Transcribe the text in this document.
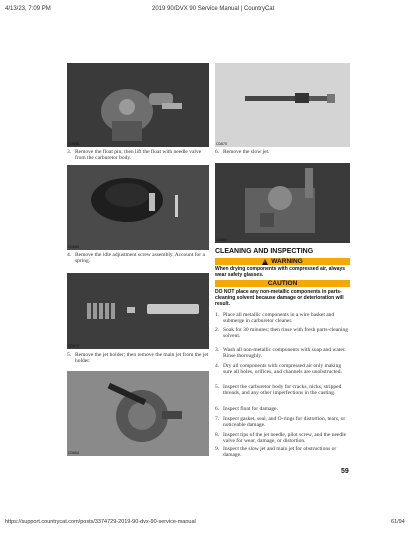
4/13/23, 7:09 PM	2019 90/DVX 90 Service Manual | CountryCat
CD688
3. Remove the float pin; then lift the float with needle valve from the carburetor body.
CD683
4. Remove the idle adjustment screw assembly. Account for a spring.
CD674
5. Remove the jet holder; then remove the main jet from the jet holder.
CD664
CD670
6. Remove the slow jet.
CD689
CLEANING AND INSPECTING
!
WARNING
When drying components with compressed air, always wear safety glasses.
CAUTION
DO NOT place any non-metallic components in parts-cleaning solvent because damage or deterioration will result.
1. Place all metallic components in a wire basket and submerge in carburetor cleaner.
2. Soak for 30 minutes; then rinse with fresh parts-cleaning solvent.
3. Wash all non-metallic components with soap and water. Rinse thoroughly.
4. Dry all components with compressed air only making sure all holes, orifices, and channels are unobstructed.
5. Inspect the carburetor body for cracks, nicks, stripped threads, and any other imperfections in the casting.
6. Inspect float for damage.
7. Inspect gasket, seal, and O-rings for distortion, tears, or noticeable damage.
8. Inspect tips of the jet needle, pilot screw, and the needle valve for wear, damage, or distortion.
9. Inspect the slow jet and main jet for obstructions or damage.
59
https://support.countrycat.com/posts/3374729-2019-90-dvx-90-service-manual	61/94
